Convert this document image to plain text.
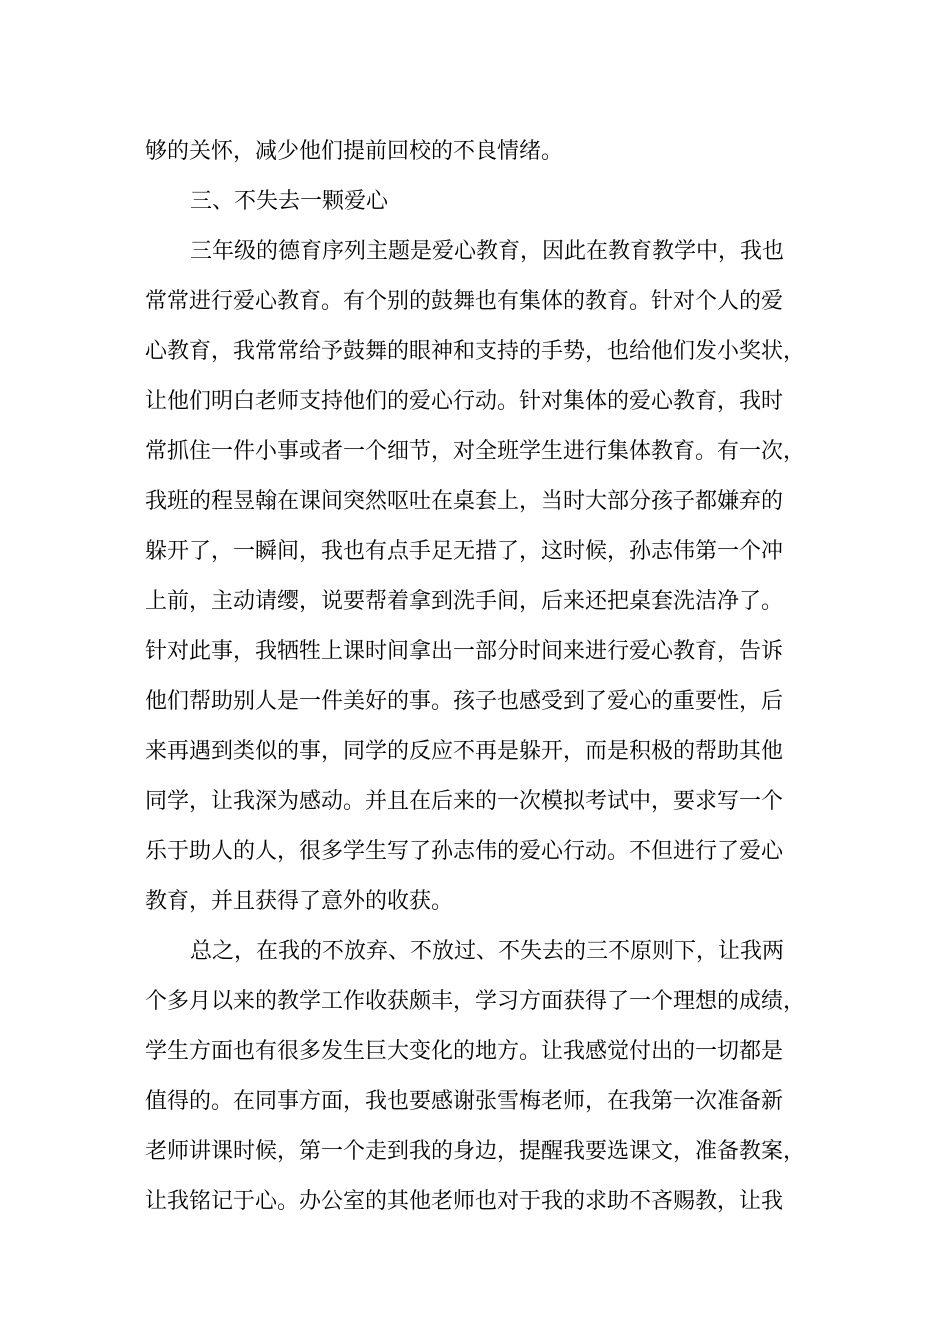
够的关怀，减少他们提前回校的不良情绪。
三、不失去一颗爱心
三年级的德育序列主题是爱心教育，因此在教育教学中，我也
常常进行爱心教育。有个别的鼓舞也有集体的教育。针对个人的爱
心教育，我常常给予鼓舞的眼神和支持的手势，也给他们发小奖状，
让他们明白老师支持他们的爱心行动。针对集体的爱心教育，我时
常抓住一件小事或者一个细节，对全班学生进行集体教育。有一次，
我班的程昱翰在课间突然呕吐在桌套上，当时大部分孩子都嫌弃的
躲开了，一瞬间，我也有点手足无措了，这时候，孙志伟第一个冲
上前，主动请缨，说要帮着拿到洗手间，后来还把桌套洗洁净了。
针对此事，我牺牲上课时间拿出一部分时间来进行爱心教育，告诉
他们帮助别人是一件美好的事。孩子也感受到了爱心的重要性，后
来再遇到类似的事，同学的反应不再是躲开，而是积极的帮助其他
同学，让我深为感动。并且在后来的一次模拟考试中，要求写一个
乐于助人的人，很多学生写了孙志伟的爱心行动。不但进行了爱心
教育，并且获得了意外的收获。
总之，在我的不放弃、不放过、不失去的三不原则下，让我两
个多月以来的教学工作收获颇丰，学习方面获得了一个理想的成绩，
学生方面也有很多发生巨大变化的地方。让我感觉付出的一切都是
值得的。在同事方面，我也要感谢张雪梅老师，在我第一次准备新
老师讲课时候，第一个走到我的身边，提醒我要选课文，准备教案，
让我铭记于心。办公室的其他老师也对于我的求助不吝赐教，让我
